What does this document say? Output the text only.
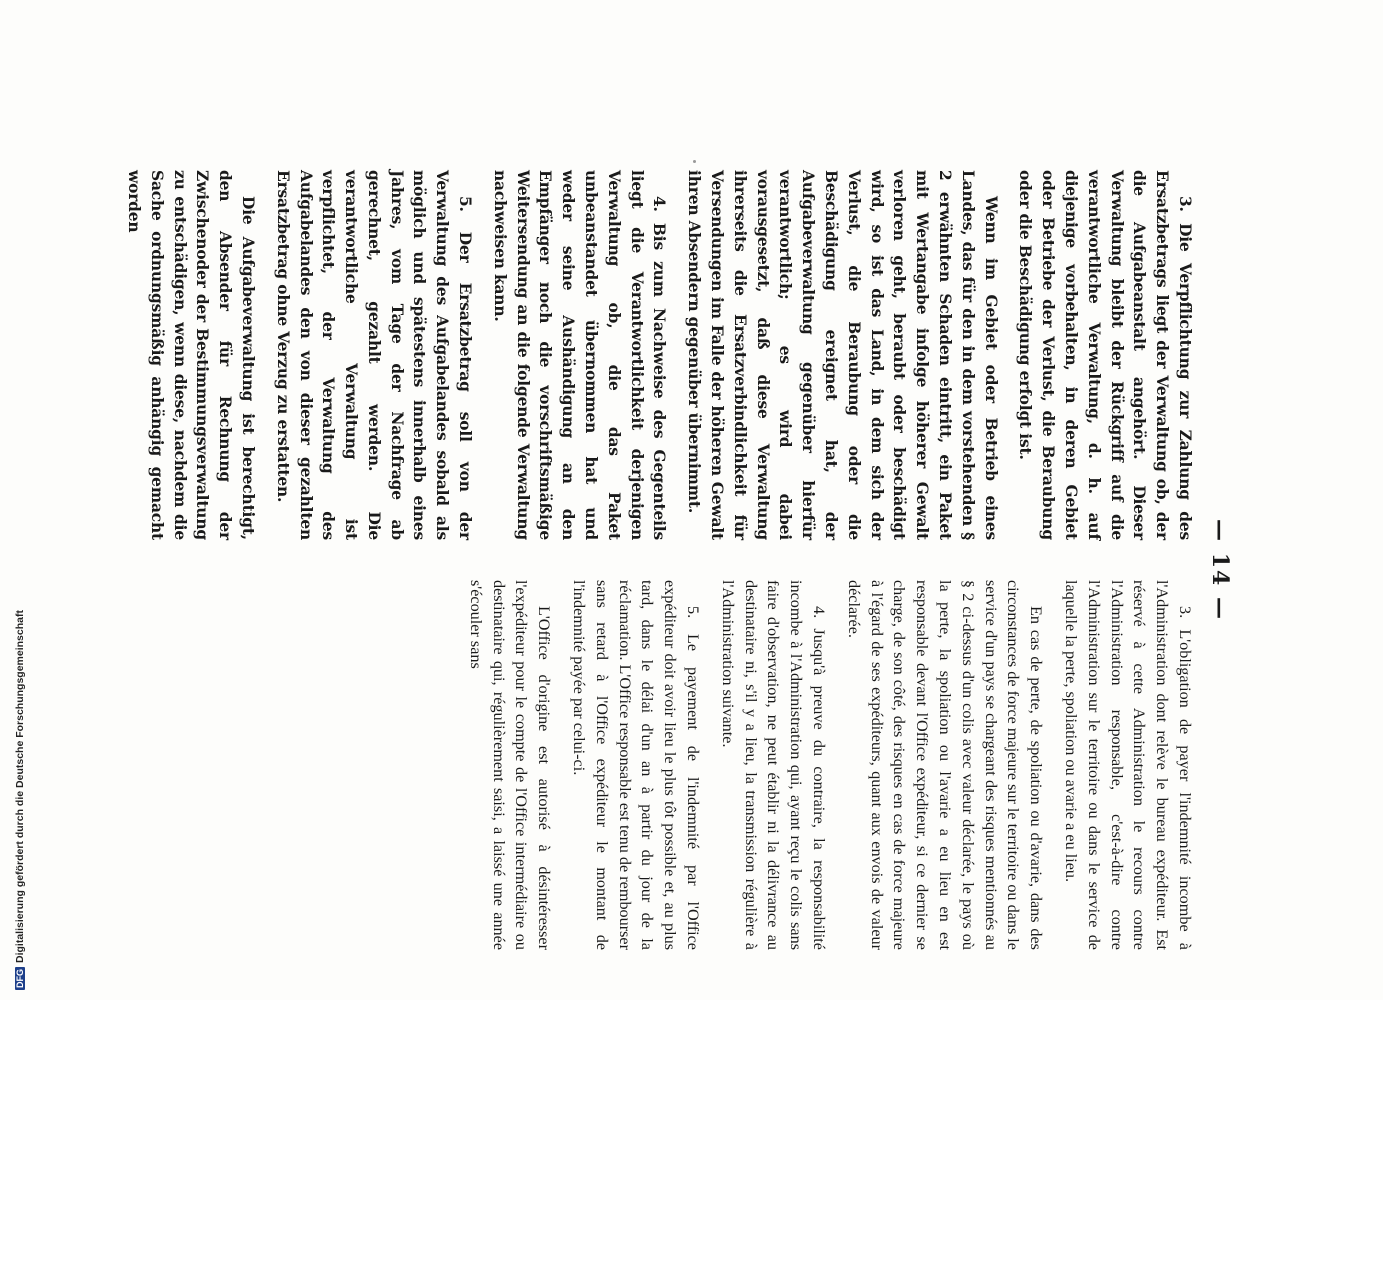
DFGDigitalisierung gefördert durch die Deutsche Forschungsgemeinschaft
— 14 —

3. Die Verpflichtung zur Zahlung des Ersatzbetrags liegt der Verwaltung ob, der die Aufgabeanstalt angehört. Dieser Verwaltung bleibt der Rückgriff auf die verantwortliche Verwaltung, d. h. auf diejenige vorbehalten, in deren Gebiet oder Betriebe der Verlust, die Beraubung oder die Beschädigung erfolgt ist.

Wenn im Gebiet oder Betrieb eines Landes, das für den in dem vorstehenden § 2 erwähnten Schaden eintritt, ein Paket mit Wertangabe infolge höherer Gewalt verloren geht, beraubt oder beschädigt wird, so ist das Land, in dem sich der Verlust, die Beraubung oder die Beschädigung ereignet hat, der Aufgabeverwaltung gegenüber hierfür verantwortlich; es wird dabei vorausgesetzt, daß diese Verwaltung ihrerseits die Ersatzverbindlichkeit für Versendungen im Falle der höheren Gewalt ihren Absendern gegenüber übernimmt.

4. Bis zum Nachweise des Gegenteils liegt die Verantwortlichkeit derjenigen Verwaltung ob, die das Paket unbeanstandet übernommen hat und weder seine Aushändigung an den Empfänger noch die vorschriftsmäßige Weitersendung an die folgende Verwaltung nachweisen kann.

5. Der Ersatzbetrag soll von der Verwaltung des Aufgabelandes sobald als möglich und spätestens innerhalb eines Jahres, vom Tage der Nachfrage ab gerechnet, gezahlt werden. Die verantwortliche Verwaltung ist verpflichtet, der Verwaltung des Aufgabelandes den von dieser gezahlten Ersatzbetrag ohne Verzug zu erstatten.

Die Aufgabeverwaltung ist berechtigt, den Absender für Rechnung der Zwischenoder der Bestimmungsverwaltung zu entschädigen, wenn diese, nachdem die Sache ordnungsmäßig anhängig gemacht worden

3. L'obligation de payer l'indemnité incombe à l'Administration dont relève le bureau expéditeur. Est réservé à cette Administration le recours contre l'Administration responsable, c'est-à-dire contre l'Administration sur le territoire ou dans le service de laquelle la perte, spoliation ou avarie a eu lieu.

En cas de perte, de spoliation ou d'avarie, dans des circonstances de force majeure sur le territoire ou dans le service d'un pays se chargeant des risques mentionnés au § 2 ci-dessus d'un colis avec valeur déclarée, le pays où la perte, la spoliation ou l'avarie a eu lieu en est responsable devant l'Office expéditeur, si ce dernier se charge, de son côté, des risques en cas de force majeure à l'égard de ses expéditeurs, quant aux envois de valeur déclarée.

4. Jusqu'à preuve du contraire, la responsabilité incombe à l'Administration qui, ayant reçu le colis sans faire d'observation, ne peut établir ni la délivrance au destinataire ni, s'il y a lieu, la transmission régulière à l'Administration suivante.

5. Le payement de l'indemnité par l'Office expéditeur doit avoir lieu le plus tôt possible et, au plus tard, dans le délai d'un an à partir du jour de la réclamation. L'Office responsable est tenu de rembourser sans retard à l'Office expéditeur le montant de l'indemnité payée par celui-ci.

L'Office d'origine est autorisé à désintéresser l'expéditeur pour le compte de l'Office intermédiaire ou destinataire qui, régulièrement saisi, a laissé une année s'écouler sans
